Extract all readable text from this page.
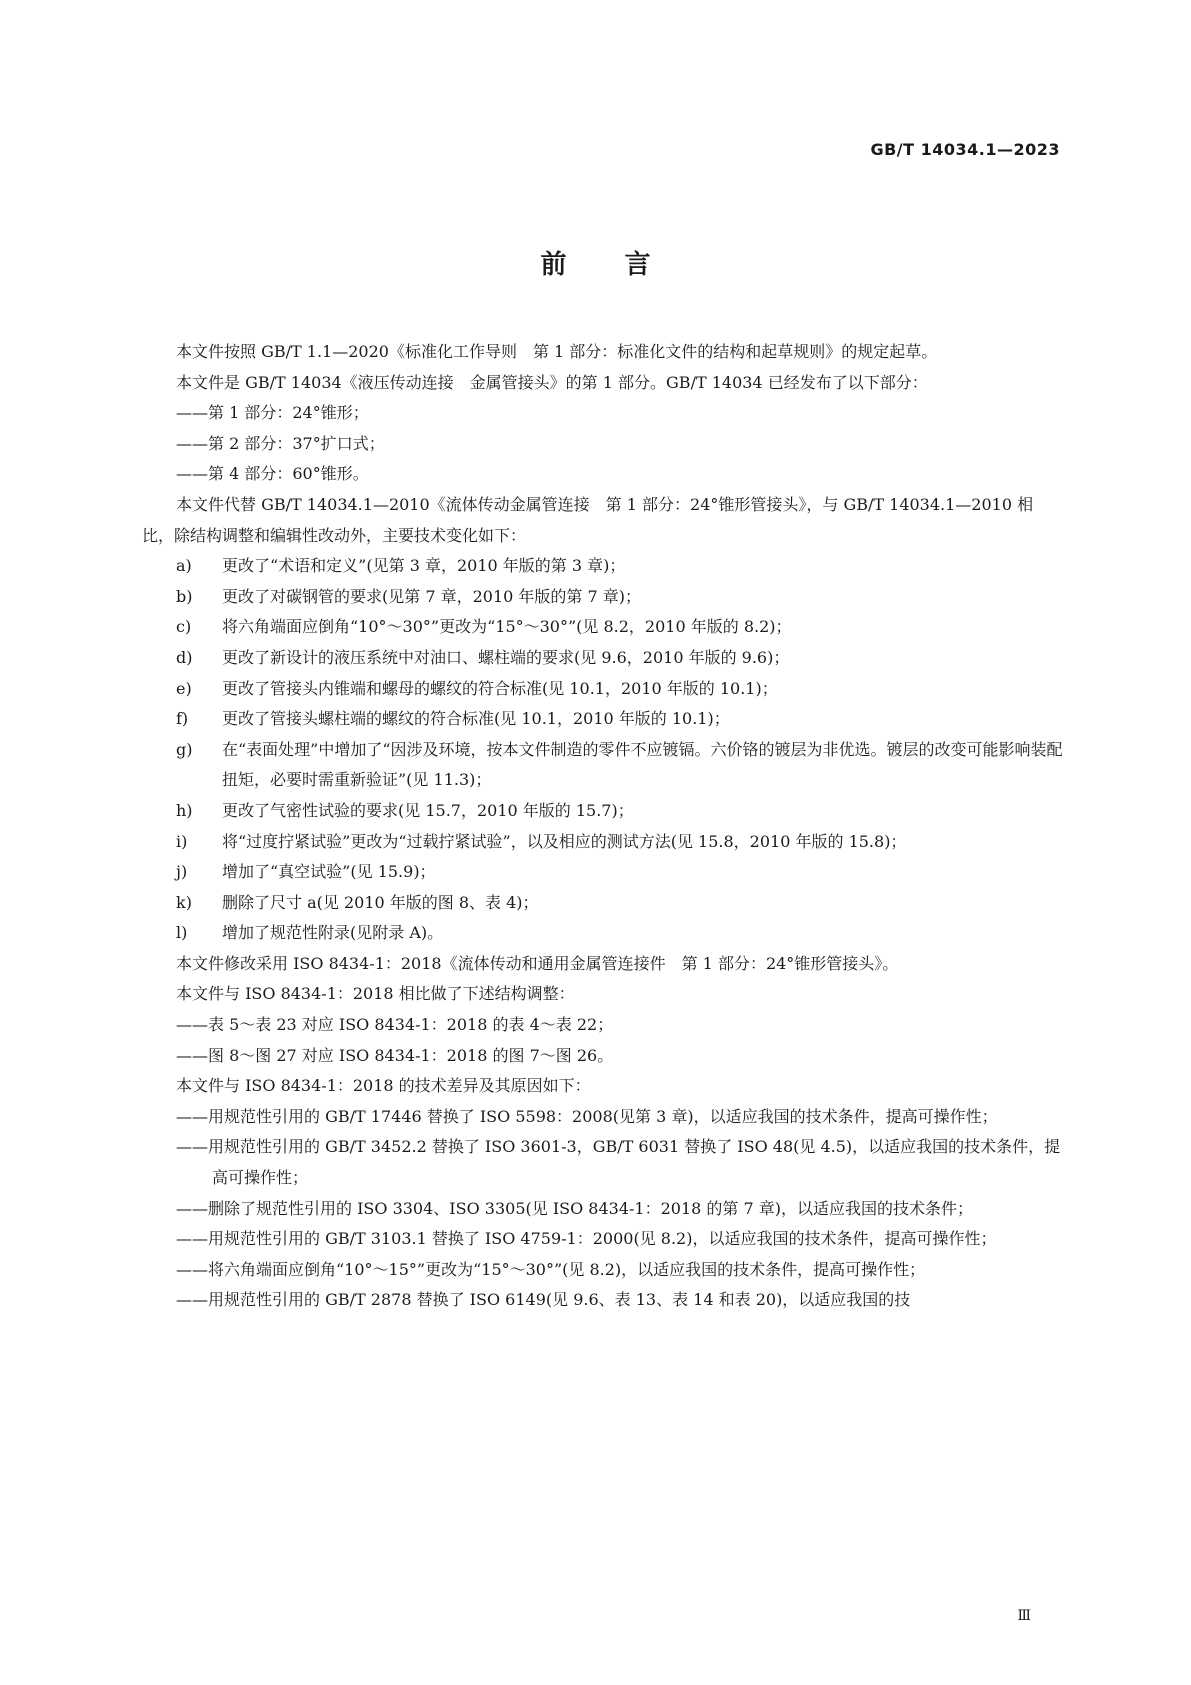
GB/T 14034.1—2023
前 言

本文件按照 GB/T 1.1—2020《标准化工作导则　第 1 部分：标准化文件的结构和起草规则》的规定起草。

本文件是 GB/T 14034《液压传动连接　金属管接头》的第 1 部分。GB/T 14034 已经发布了以下部分：

——第 1 部分：24°锥形；

——第 2 部分：37°扩口式；

——第 4 部分：60°锥形。

本文件代替 GB/T 14034.1—2010《流体传动金属管连接　第 1 部分：24°锥形管接头》，与 GB/T 14034.1—2010 相比，除结构调整和编辑性改动外，主要技术变化如下：

a) 更改了“术语和定义”(见第 3 章，2010 年版的第 3 章)；

b) 更改了对碳钢管的要求(见第 7 章，2010 年版的第 7 章)；

c) 将六角端面应倒角“10°～30°”更改为“15°～30°”(见 8.2，2010 年版的 8.2)；

d) 更改了新设计的液压系统中对油口、螺柱端的要求(见 9.6，2010 年版的 9.6)；

e) 更改了管接头内锥端和螺母的螺纹的符合标准(见 10.1，2010 年版的 10.1)；

f) 更改了管接头螺柱端的螺纹的符合标准(见 10.1，2010 年版的 10.1)；

g) 在“表面处理”中增加了“因涉及环境，按本文件制造的零件不应镀镉。六价铬的镀层为非优选。镀层的改变可能影响装配扭矩，必要时需重新验证”(见 11.3)；

h) 更改了气密性试验的要求(见 15.7，2010 年版的 15.7)；

i) 将“过度拧紧试验”更改为“过载拧紧试验”，以及相应的测试方法(见 15.8，2010 年版的 15.8)；

j) 增加了“真空试验”(见 15.9)；

k) 删除了尺寸 a(见 2010 年版的图 8、表 4)；

l) 增加了规范性附录(见附录 A)。

本文件修改采用 ISO 8434-1：2018《流体传动和通用金属管连接件　第 1 部分：24°锥形管接头》。

本文件与 ISO 8434-1：2018 相比做了下述结构调整：

——表 5～表 23 对应 ISO 8434-1：2018 的表 4～表 22；

——图 8～图 27 对应 ISO 8434-1：2018 的图 7～图 26。

本文件与 ISO 8434-1：2018 的技术差异及其原因如下：

——用规范性引用的 GB/T 17446 替换了 ISO 5598：2008(见第 3 章)，以适应我国的技术条件，提高可操作性；

——用规范性引用的 GB/T 3452.2 替换了 ISO 3601-3，GB/T 6031 替换了 ISO 48(见 4.5)，以适应我国的技术条件，提高可操作性；

——删除了规范性引用的 ISO 3304、ISO 3305(见 ISO 8434-1：2018 的第 7 章)，以适应我国的技术条件；

——用规范性引用的 GB/T 3103.1 替换了 ISO 4759-1：2000(见 8.2)，以适应我国的技术条件，提高可操作性；

——将六角端面应倒角“10°～15°”更改为“15°～30°”(见 8.2)，以适应我国的技术条件，提高可操作性；

——用规范性引用的 GB/T 2878 替换了 ISO 6149(见 9.6、表 13、表 14 和表 20)，以适应我国的技

Ⅲ
